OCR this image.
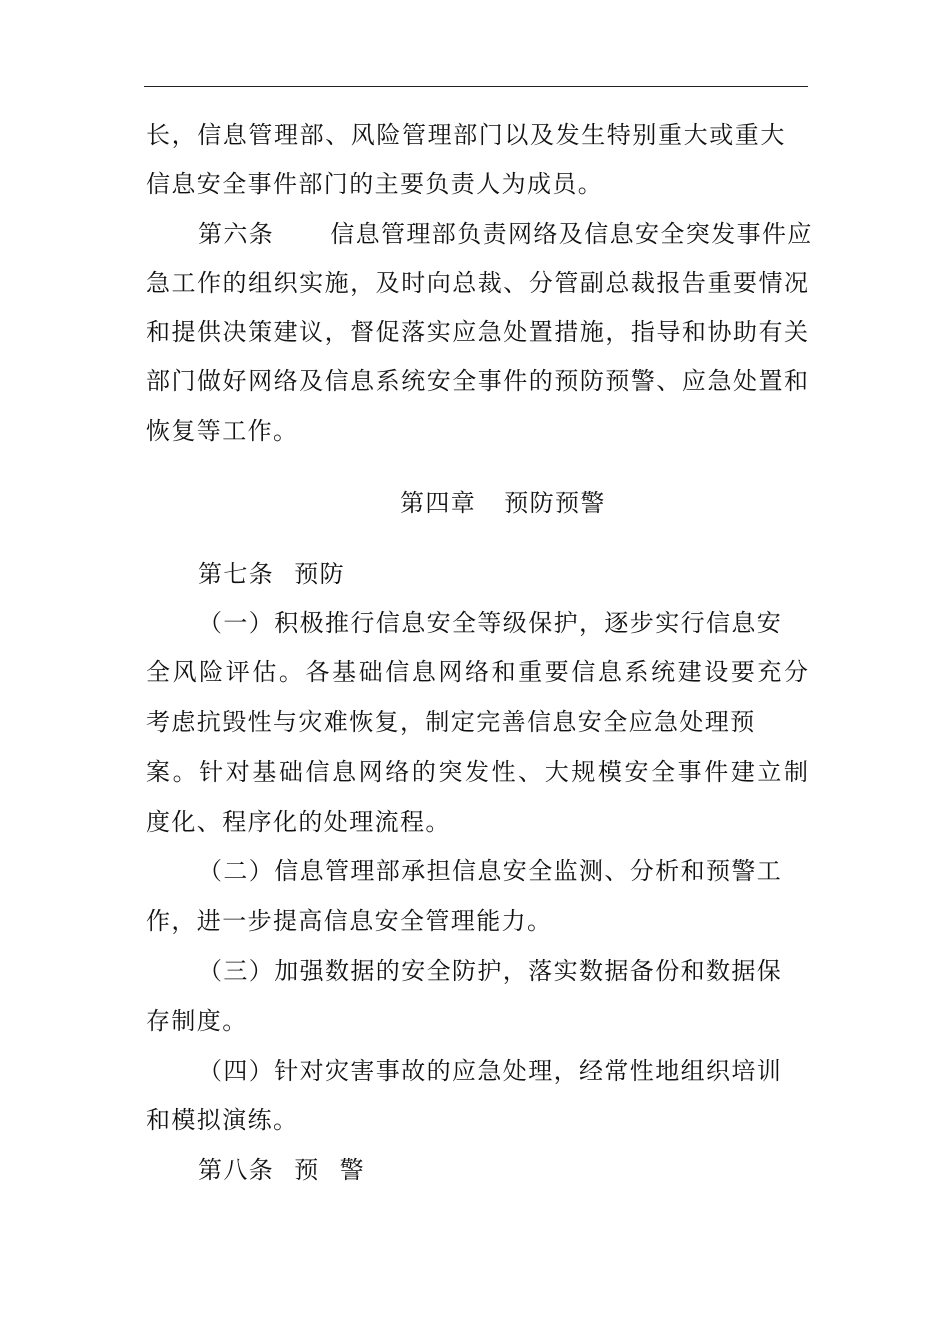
长，信息管理部、风险管理部门以及发生特别重大或重大
信息安全事件部门的主要负责人为成员。
第六条 信息管理部负责网络及信息安全突发事件应
急工作的组织实施，及时向总裁、分管副总裁报告重要情况
和提供决策建议，督促落实应急处置措施，指导和协助有关
部门做好网络及信息系统安全事件的预防预警、应急处置和
恢复等工作。
第四章 预防预警
第七条 预防
（一）积极推行信息安全等级保护，逐步实行信息安
全风险评估。各基础信息网络和重要信息系统建设要充分
考虑抗毁性与灾难恢复，制定完善信息安全应急处理预
案。针对基础信息网络的突发性、大规模安全事件建立制
度化、程序化的处理流程。
（二）信息管理部承担信息安全监测、分析和预警工
作，进一步提高信息安全管理能力。
（三）加强数据的安全防护，落实数据备份和数据保
存制度。
（四）针对灾害事故的应急处理，经常性地组织培训
和模拟演练。
第八条 预 警
